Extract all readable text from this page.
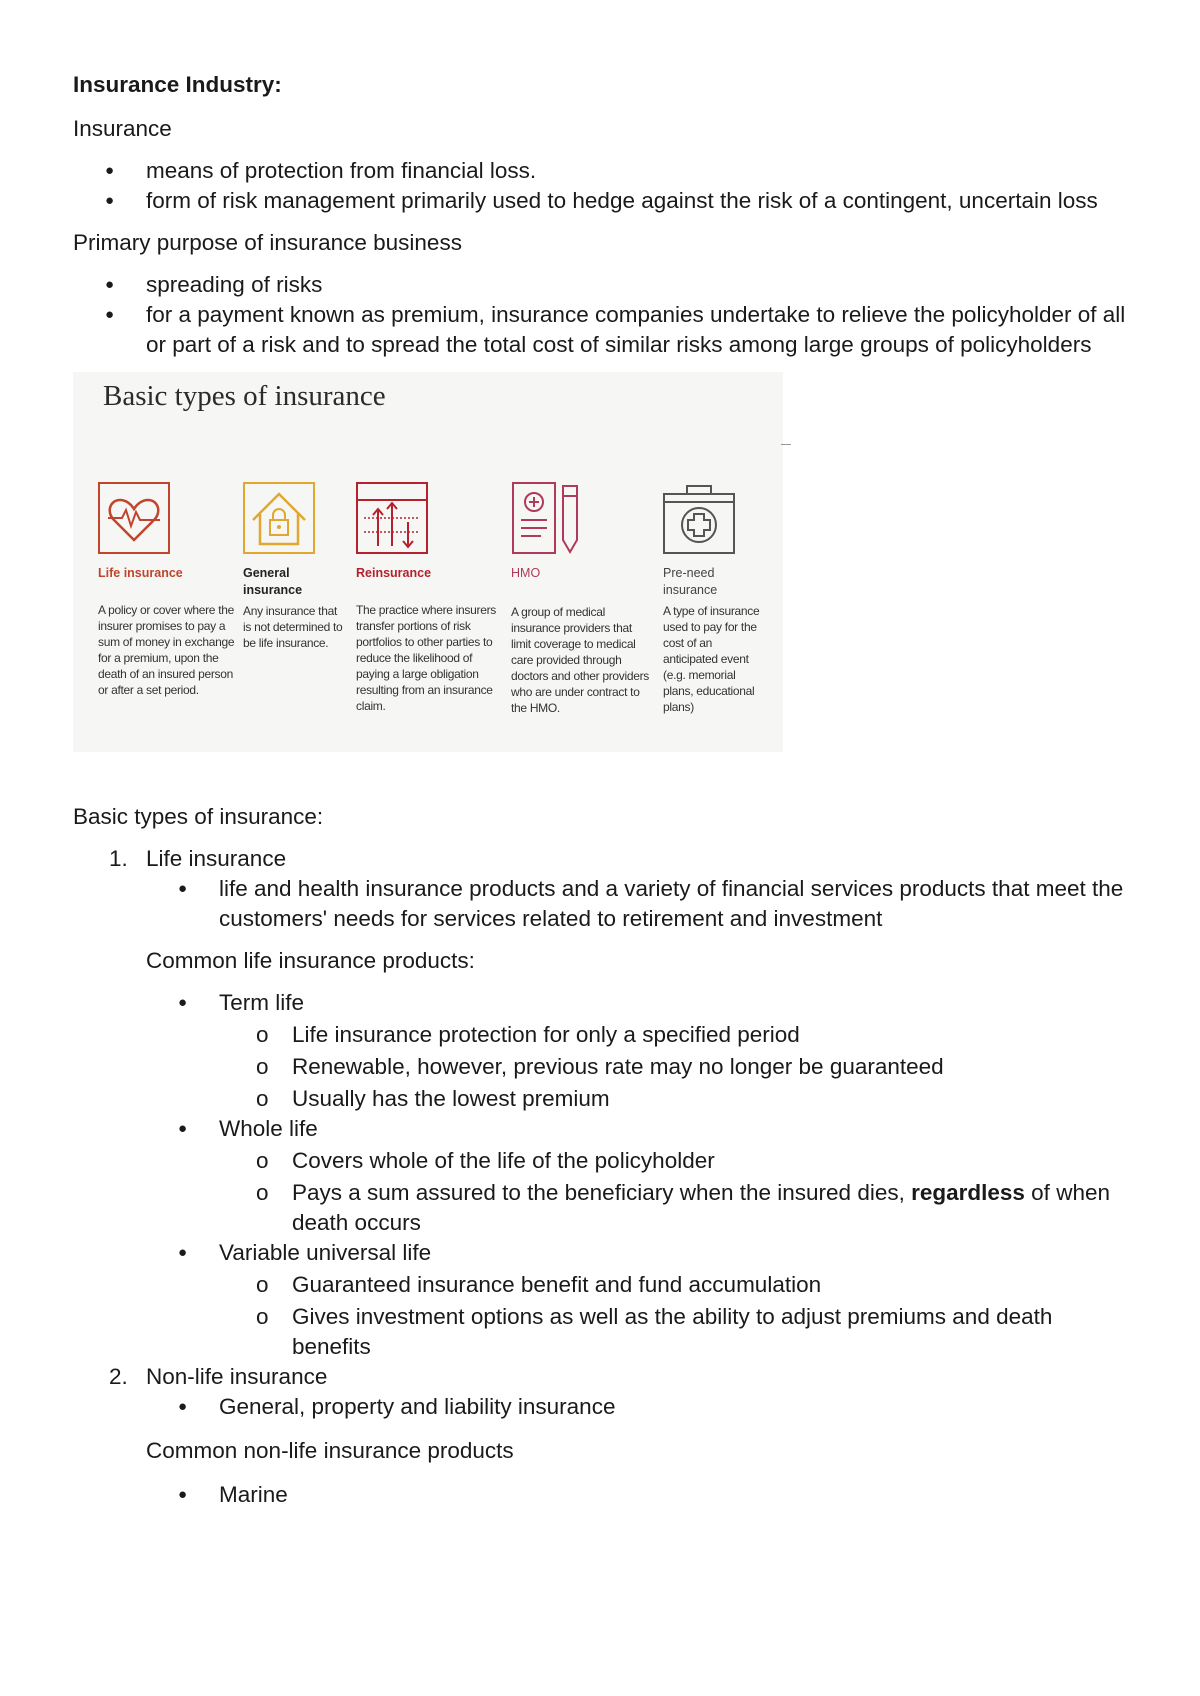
Insurance Industry:
Insurance
● means of protection from financial loss.
● form of risk management primarily used to hedge against the risk of a contingent, uncertain loss
Primary purpose of insurance business
● spreading of risks
● for a payment known as premium, insurance companies undertake to relieve the policyholder of all or part of a risk and to spread the total cost of similar risks among large groups of policyholders
Basic types of insurance
Life insurance
A policy or cover where the insurer promises to pay a sum of money in exchange for a premium, upon the death of an insured person or after a set period.
General insurance
Any insurance that is not determined to be life insurance.
Reinsurance
The practice where insurers transfer portions of risk portfolios to other parties to reduce the likelihood of paying a large obligation resulting from an insurance claim.
HMO
A group of medical insurance providers that limit coverage to medical care provided through doctors and other providers who are under contract to the HMO.
Pre-need insurance
A type of insurance used to pay for the cost of an anticipated event (e.g. memorial plans, educational plans)
Basic types of insurance:
1. Life insurance
● life and health insurance products and a variety of financial services products that meet the customers' needs for services related to retirement and investment
Common life insurance products:
● Term life
o Life insurance protection for only a specified period
o Renewable, however, previous rate may no longer be guaranteed
o Usually has the lowest premium
● Whole life
o Covers whole of the life of the policyholder
o Pays a sum assured to the beneficiary when the insured dies, regardless of when death occurs
● Variable universal life
o Guaranteed insurance benefit and fund accumulation
o Gives investment options as well as the ability to adjust premiums and death benefits
2. Non-life insurance
● General, property and liability insurance
Common non-life insurance products
● Marine
